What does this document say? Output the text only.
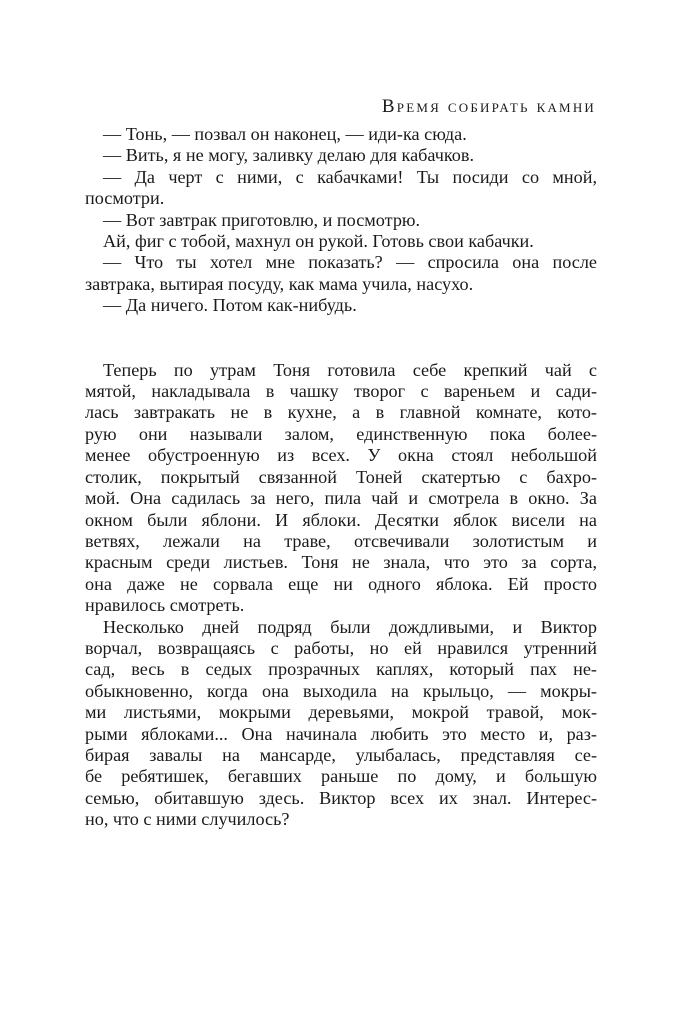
Время собирать камни
— Тонь, — позвал он наконец, — иди-ка сюда.
— Вить, я не могу, заливку делаю для кабачков.
— Да черт с ними, с кабачками! Ты посиди со мной,
посмотри.
— Вот завтрак приготовлю, и посмотрю.
Ай, фиг с тобой, махнул он рукой. Готовь свои кабачки.
— Что ты хотел мне показать? — спросила она после
завтрака, вытирая посуду, как мама учила, насухо.
— Да ничего. Потом как-нибудь.
Теперь по утрам Тоня готовила себе крепкий чай с
мятой, накладывала в чашку творог с вареньем и сади-
лась завтракать не в кухне, а в главной комнате, кото-
рую они называли залом, единственную пока более-
менее обустроенную из всех. У окна стоял небольшой
столик, покрытый связанной Тоней скатертью с бахро-
мой. Она садилась за него, пила чай и смотрела в окно. За
окном были яблони. И яблоки. Десятки яблок висели на
ветвях, лежали на траве, отсвечивали золотистым и
красным среди листьев. Тоня не знала, что это за сорта,
она даже не сорвала еще ни одного яблока. Ей просто
нравилось смотреть.
Несколько дней подряд были дождливыми, и Виктор
ворчал, возвращаясь с работы, но ей нравился утренний
сад, весь в седых прозрачных каплях, который пах не-
обыкновенно, когда она выходила на крыльцо, — мокры-
ми листьями, мокрыми деревьями, мокрой травой, мок-
рыми яблоками... Она начинала любить это место и, раз-
бирая завалы на мансарде, улыбалась, представляя се-
бе ребятишек, бегавших раньше по дому, и большую
семью, обитавшую здесь. Виктор всех их знал. Интерес-
но, что с ними случилось?
